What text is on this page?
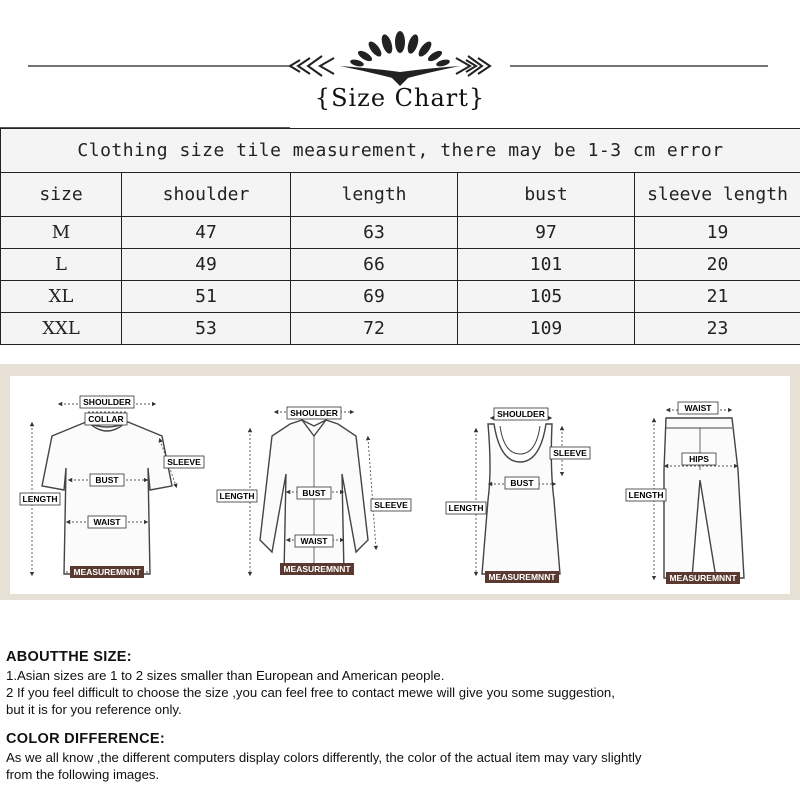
{Size Chart}
Clothing size tile measurement, there may be 1-3 cm error				
size	shoulder	length	bust	sleeve length
M	47	63	97	19
L	49	66	101	20
XL	51	69	105	21
XXL	53	72	109	23
SHOULDER
COLLAR
SLEEVE
BUST
LENGTH
WAIST
MEASUREMNNT
SHOULDER
BUST
LENGTH
SLEEVE
WAIST
MEASUREMNNT
SHOULDER
SLEEVE
BUST
LENGTH
MEASUREMNNT
WAIST
HIPS
LENGTH
MEASUREMNNT
ABOUTTHE SIZE:
1.Asian sizes are 1 to 2 sizes smaller than European and American people.
2 If you feel difficult to choose the size ,you can feel free to contact mewe will give you some suggestion,
but it is for you reference only.
COLOR DIFFERENCE:
As we all know ,the different computers display colors differently, the color of the actual item may vary slightly
from the following images.
